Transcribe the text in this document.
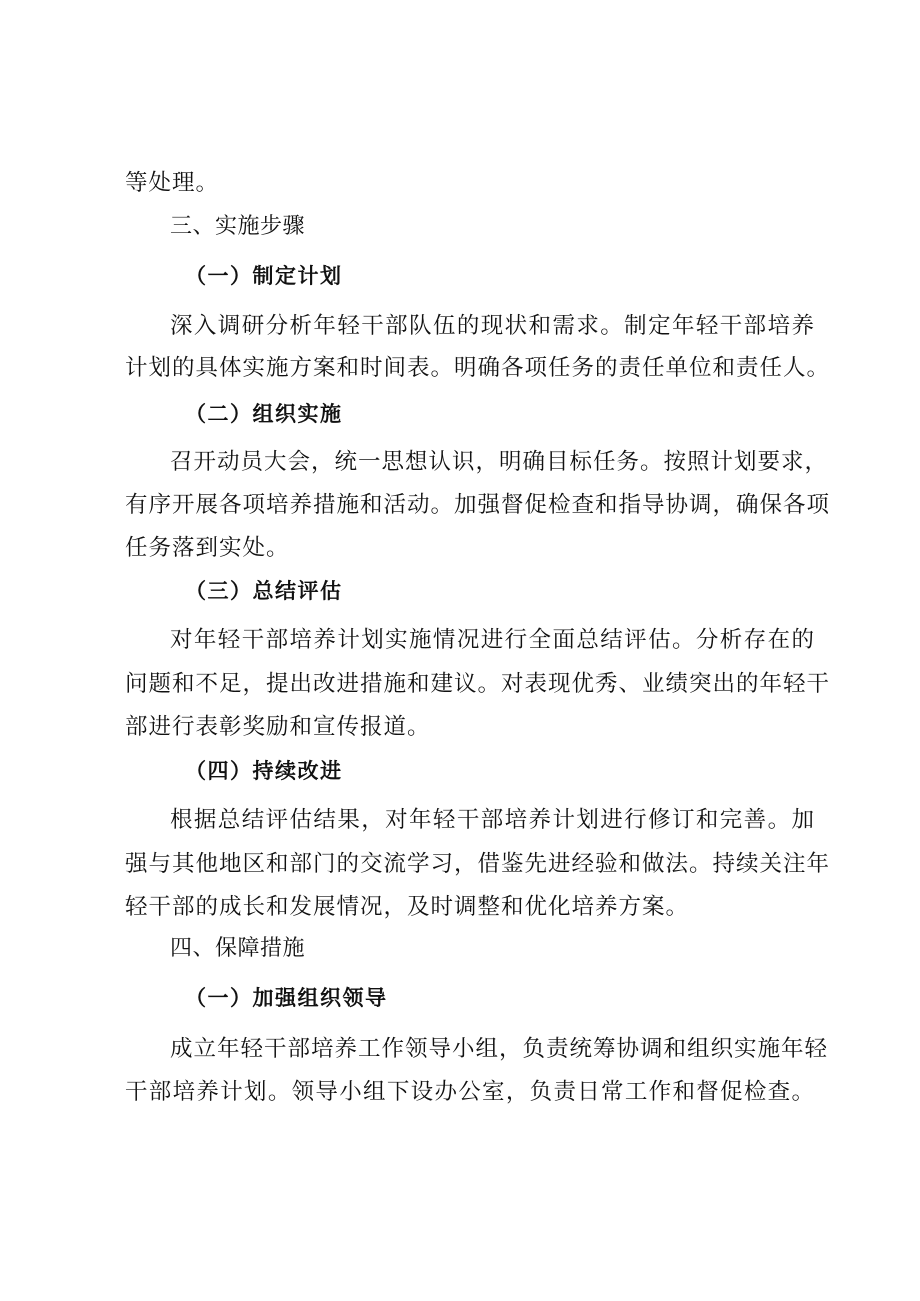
等处理。
三、实施步骤
（一）制定计划
深入调研分析年轻干部队伍的现状和需求。制定年轻干部培养
计划的具体实施方案和时间表。明确各项任务的责任单位和责任人。
（二）组织实施
召开动员大会，统一思想认识，明确目标任务。按照计划要求，
有序开展各项培养措施和活动。加强督促检查和指导协调，确保各项
任务落到实处。
（三）总结评估
对年轻干部培养计划实施情况进行全面总结评估。分析存在的
问题和不足，提出改进措施和建议。对表现优秀、业绩突出的年轻干
部进行表彰奖励和宣传报道。
（四）持续改进
根据总结评估结果，对年轻干部培养计划进行修订和完善。加
强与其他地区和部门的交流学习，借鉴先进经验和做法。持续关注年
轻干部的成长和发展情况，及时调整和优化培养方案。
四、保障措施
（一）加强组织领导
成立年轻干部培养工作领导小组，负责统筹协调和组织实施年轻
干部培养计划。领导小组下设办公室，负责日常工作和督促检查。
